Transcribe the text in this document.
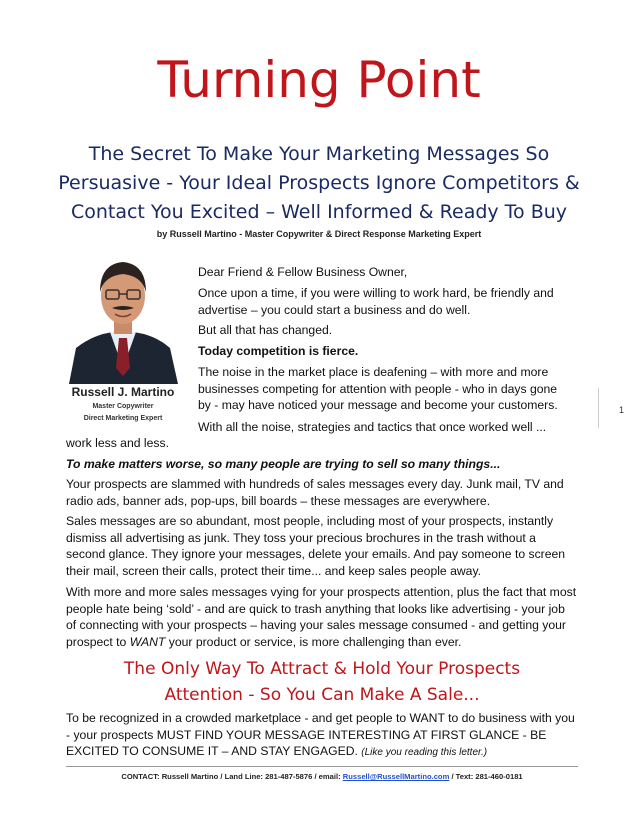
Turning Point
The Secret To Make Your Marketing Messages So
Persuasive - Your Ideal Prospects Ignore Competitors &
Contact You Excited – Well Informed & Ready To Buy
by Russell Martino - Master Copywriter & Direct Response Marketing Expert
Russell J. Martino
Master Copywriter
Direct Marketing Expert

Dear Friend & Fellow Business Owner,

Once upon a time, if you were willing to work hard, be friendly and advertise – you could start a business and do well.

But all that has changed.

Today competition is fierce.

The noise in the market place is deafening – with more and more businesses competing for attention with people - who in days gone by - may have noticed your message and become your customers.

With all the noise, strategies and tactics that once worked well ...

work less and less.

To make matters worse, so many people are trying to sell so many things...

Your prospects are slammed with hundreds of sales messages every day. Junk mail, TV and radio ads, banner ads, pop-ups, bill boards – these messages are everywhere.

Sales messages are so abundant, most people, including most of your prospects, instantly dismiss all advertising as junk. They toss your precious brochures in the trash without a second glance. They ignore your messages, delete your emails. And pay someone to screen their mail, screen their calls, protect their time... and keep sales people away.

With more and more sales messages vying for your prospects attention, plus the fact that most people hate being ‘sold’ - and are quick to trash anything that looks like advertising - your job of connecting with your prospects – having your sales message consumed - and getting your prospect to WANT your product or service, is more challenging than ever.

The Only Way To Attract & Hold Your Prospects
Attention - So You Can Make A Sale...

To be recognized in a crowded marketplace - and get people to WANT to do business with you - your prospects MUST FIND YOUR MESSAGE INTERESTING AT FIRST GLANCE - BE EXCITED TO CONSUME IT – AND STAY ENGAGED. (Like you reading this letter.)

1
CONTACT: Russell Martino / Land Line: 281-487-5876 / email: Russell@RussellMartino.com / Text: 281-460-0181
